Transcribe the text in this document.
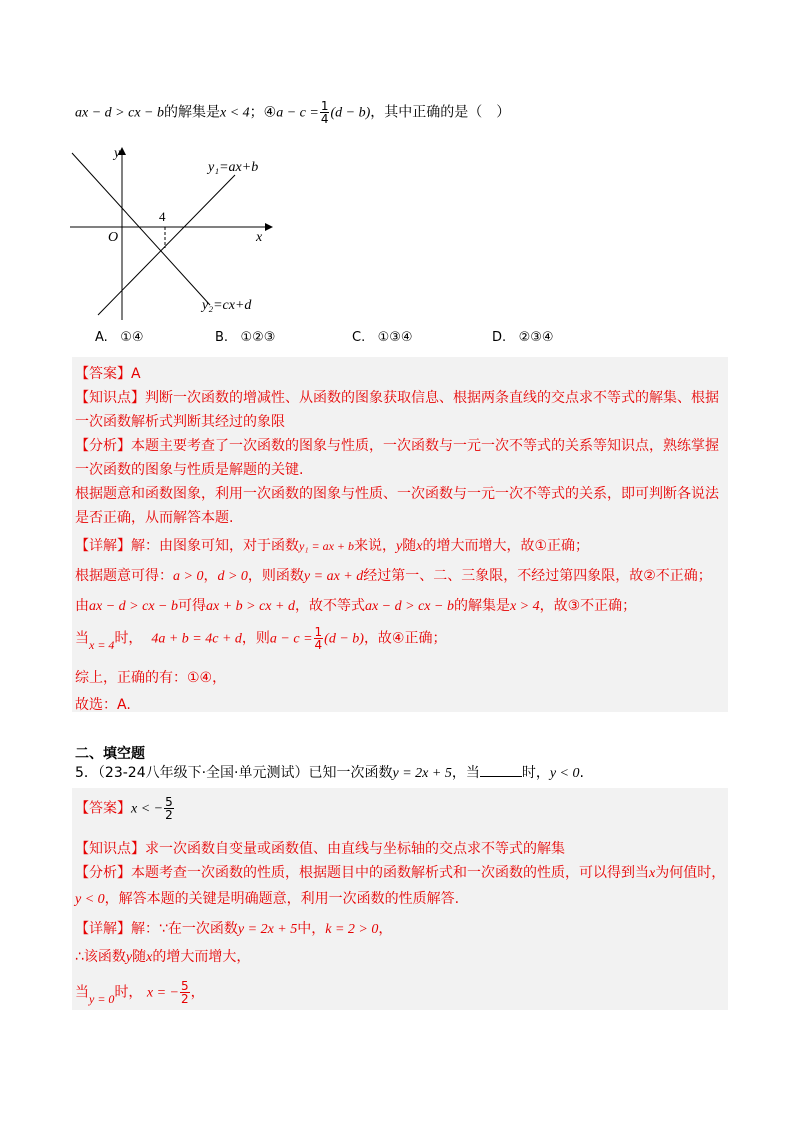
ax − d > cx − b的解集是x < 4；④a − $c = \frac{1}{4} (d - b)$，其中正确的是（　）
y
x
O
4
y₁=ax+b
y₂=cx+d
A. ①④	B. ①②③	C. ①③④	D. ②③④
【答案】A
【知识点】判断一次函数的增减性、从函数的图象获取信息、根据两条直线的交点求不等式的解集、根据
一次函数解析式判断其经过的象限
【分析】本题主要考查了一次函数的图象与性质，一次函数与一元一次不等式的关系等知识点，熟练掌握
一次函数的图象与性质是解题的关键.
根据题意和函数图象，利用一次函数的图象与性质、一次函数与一元一次不等式的关系，即可判断各说法
是否正确，从而解答本题.
【详解】解：由图象可知，对于函数y₁ = ax + b来说，y随x的增大而增大，故①正确；
根据题意可得：a > 0，d > 0，则函数y = ax + d经过第一、二、三象限，不经过第四象限，故②不正确；
由ax − d > cx − b可得ax + b > cx + d，故不等式ax − d > cx − b的解集是x > 4，故③不正确；
当x = 4时， 4a + b = 4c + d，则$a - c = \frac{1}{4} (d - b)$，故④正确；
综上，正确的有：①④，
故选：A.
二、填空题
5．（23-24八年级下·全国·单元测试）已知一次函数y = 2x + 5，当	时，y < 0.
【答案】x < − $\frac{5}{2}$
【知识点】求一次函数自变量或函数值、由直线与坐标轴的交点求不等式的解集
【分析】本题考查一次函数的性质，根据题目中的函数解析式和一次函数的性质，可以得到当x为何值时，
y < 0，解答本题的关键是明确题意，利用一次函数的性质解答.
【详解】解：∵在一次函数y = 2x + 5中，k = 2 > 0，
∴该函数y随x的增大而增大，
当y = 0时， x = − $\frac{5}{2}$ ，
